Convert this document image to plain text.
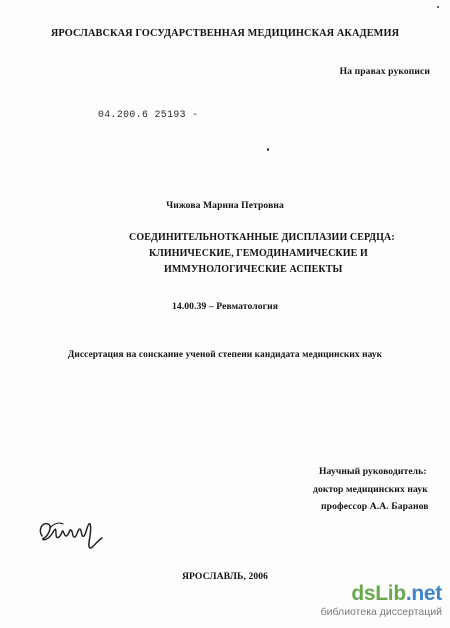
ЯРОСЛАВСКАЯ ГОСУДАРСТВЕННАЯ МЕДИЦИНСКАЯ АКАДЕМИЯ
На правах рукописи
04.200.6 25193 -
Чижова Марина Петровна
СОЕДИНИТЕЛЬНОТКАННЫЕ ДИСПЛАЗИИ СЕРДЦА:
КЛИНИЧЕСКИЕ, ГЕМОДИНАМИЧЕСКИЕ И
ИММУНОЛОГИЧЕСКИЕ АСПЕКТЫ
14.00.39 – Ревматология
Диссертация на соискание ученой степени кандидата медицинских наук
Научный руководитель:
доктор медицинских наук
профессор А.А. Баранов
ЯРОСЛАВЛЬ, 2006
dsLib.net
библиотека диссертаций
